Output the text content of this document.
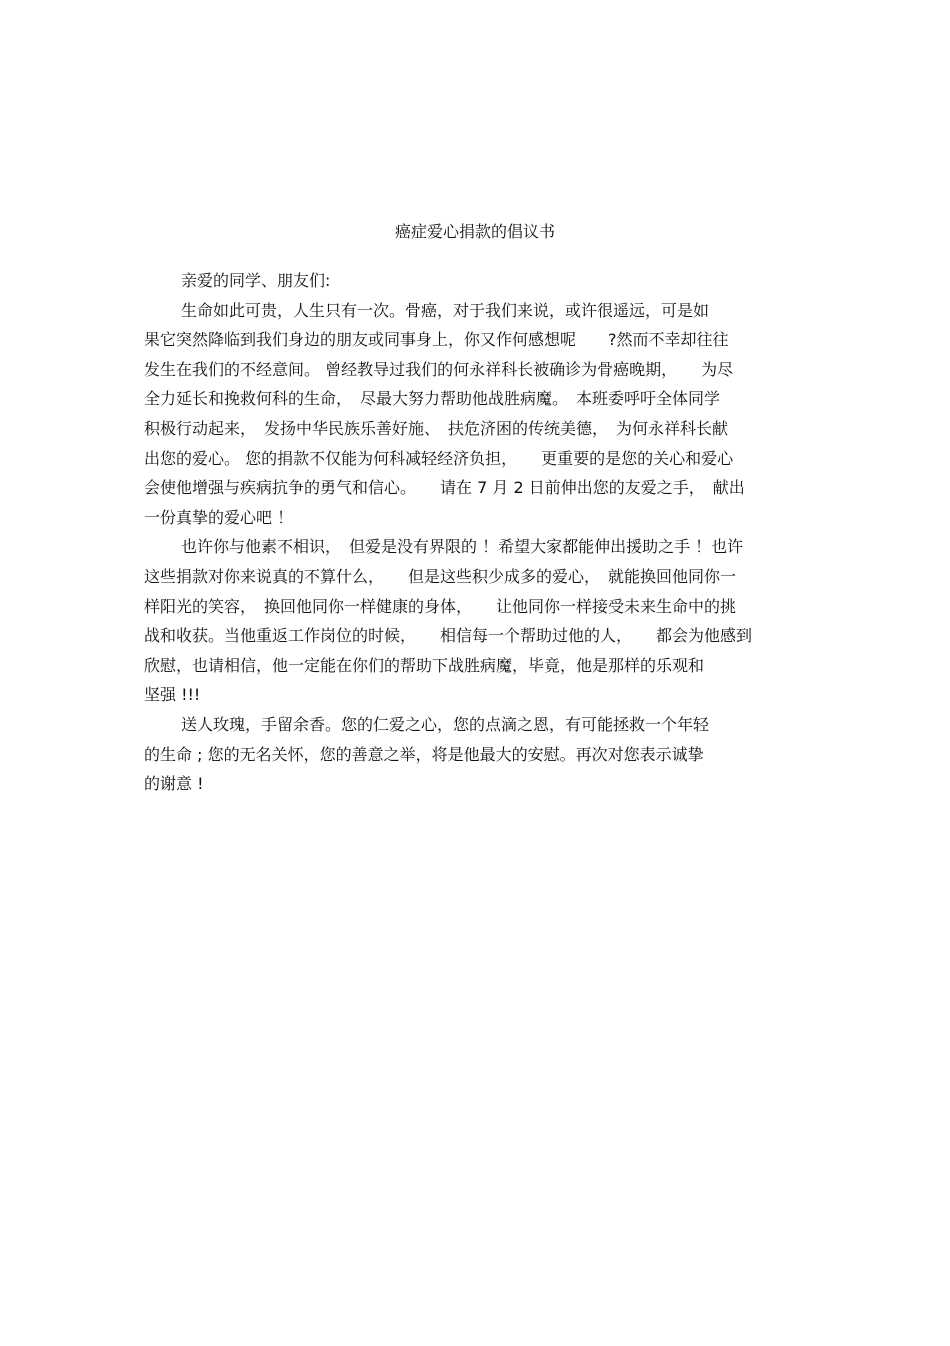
癌症爱心捐款的倡议书
亲爱的同学、朋友们:
生命如此可贵，人生只有一次。骨癌，对于我们来说，或许很遥远，可是如
果它突然降临到我们身边的朋友或同事身上，你又作何感想呢　　?然而不幸却往往
发生在我们的不经意间。 曾经教导过我们的何永祥科长被确诊为骨癌晚期，　　为尽
全力延长和挽救何科的生命，　尽最大努力帮助他战胜病魔。　本班委呼吁全体同学
积极行动起来，　发扬中华民族乐善好施、　扶危济困的传统美德，　为何永祥科长献
出您的爱心。 您的捐款不仅能为何科减轻经济负担，　　更重要的是您的关心和爱心
会使他增强与疾病抗争的勇气和信心。　　请在 7 月 2 日前伸出您的友爱之手，　献出
一份真挚的爱心吧 ！
也许你与他素不相识，　但爱是没有界限的 ！希望大家都能伸出援助之手 ！也许
这些捐款对你来说真的不算什么，　　但是这些积少成多的爱心，　就能换回他同你一
样阳光的笑容，　换回他同你一样健康的身体，　　让他同你一样接受未来生命中的挑
战和收获。当他重返工作岗位的时候，　　相信每一个帮助过他的人，　　都会为他感到
欣慰，也请相信，他一定能在你们的帮助下战胜病魔，毕竟，他是那样的乐观和
坚强 !!!
送人玫瑰，手留余香。您的仁爱之心，您的点滴之恩，有可能拯救一个年轻
的生命 ; 您的无名关怀，您的善意之举，将是他最大的安慰。再次对您表示诚挚
的谢意 !
